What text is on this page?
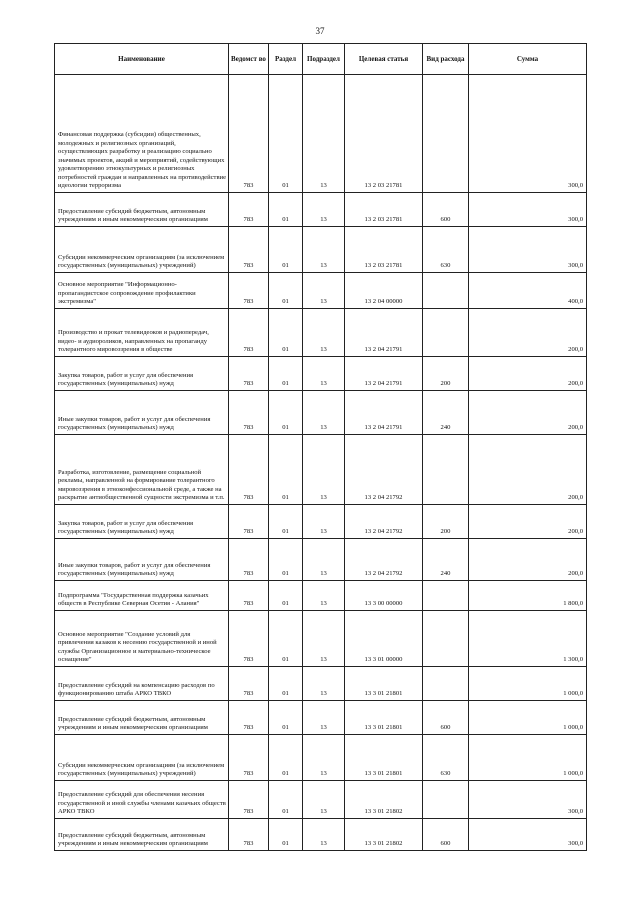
37
Наименование	Ведомст во	Раздел	Подраздел	Целевая статья	Вид расхода	Сумма
Финансовая поддержка (субсидии) общественных, молодежных и религиозных организаций, осуществляющих разработку и реализацию социально значимых проектов, акций и мероприятий, содействующих удовлетворению этнокультурных и религиозных потребностей граждан и направленных на противодействие идеологии терроризма	783	01	13	13 2 03 21781		300,0
Предоставление субсидий бюджетным, автономным учреждениям и иным некоммерческим организациям	783	01	13	13 2 03 21781	600	300,0
Субсидии некоммерческим организациям (за исключением государственных (муниципальных) учреждений)	783	01	13	13 2 03 21781	630	300,0
Основное мероприятие "Информационно-пропагандистское сопровождение профилактики экстремизма"	783	01	13	13 2 04 00000		400,0
Производство и прокат телевидеоков и радиопередач, видео- и аудиороликов, направленных на пропаганду толерантного мировоззрения в обществе	783	01	13	13 2 04 21791		200,0
Закупка товаров, работ и услуг для обеспечения государственных (муниципальных) нужд	783	01	13	13 2 04 21791	200	200,0
Иные закупки товаров, работ и услуг для обеспечения государственных (муниципальных) нужд	783	01	13	13 2 04 21791	240	200,0
Разработка, изготовление, размещение социальной рекламы, направленной на формирование толерантного мировоззрения в этноконфессиональной среде, а также на раскрытие антиобщественной сущности экстремизма и т.п.	783	01	13	13 2 04 21792		200,0
Закупка товаров, работ и услуг для обеспечения государственных (муниципальных) нужд	783	01	13	13 2 04 21792	200	200,0
Иные закупки товаров, работ и услуг для обеспечения государственных (муниципальных) нужд	783	01	13	13 2 04 21792	240	200,0
Подпрограмма "Государственная поддержка казачьих обществ в Республике Северная Осетия - Алания"	783	01	13	13 3 00 00000		1 800,0
Основное мероприятие "Создание условий для привлечения казаков к несению государственной и иной службы Организационное и материально-техническое оснащение"	783	01	13	13 3 01 00000		1 300,0
Предоставление субсидий на компенсацию расходов по функционированию штаба АРКО ТВКО	783	01	13	13 3 01 21801		1 000,0
Предоставление субсидий бюджетным, автономным учреждениям и иным некоммерческим организациям	783	01	13	13 3 01 21801	600	1 000,0
Субсидии некоммерческим организациям (за исключением государственных (муниципальных) учреждений)	783	01	13	13 3 01 21801	630	1 000,0
Предоставление субсидий для обеспечения несения государственной и иной службы членами казачьих обществ АРКО ТВКО	783	01	13	13 3 01 21802		300,0
Предоставление субсидий бюджетным, автономным учреждениям и иным некоммерческим организациям	783	01	13	13 3 01 21802	600	300,0
